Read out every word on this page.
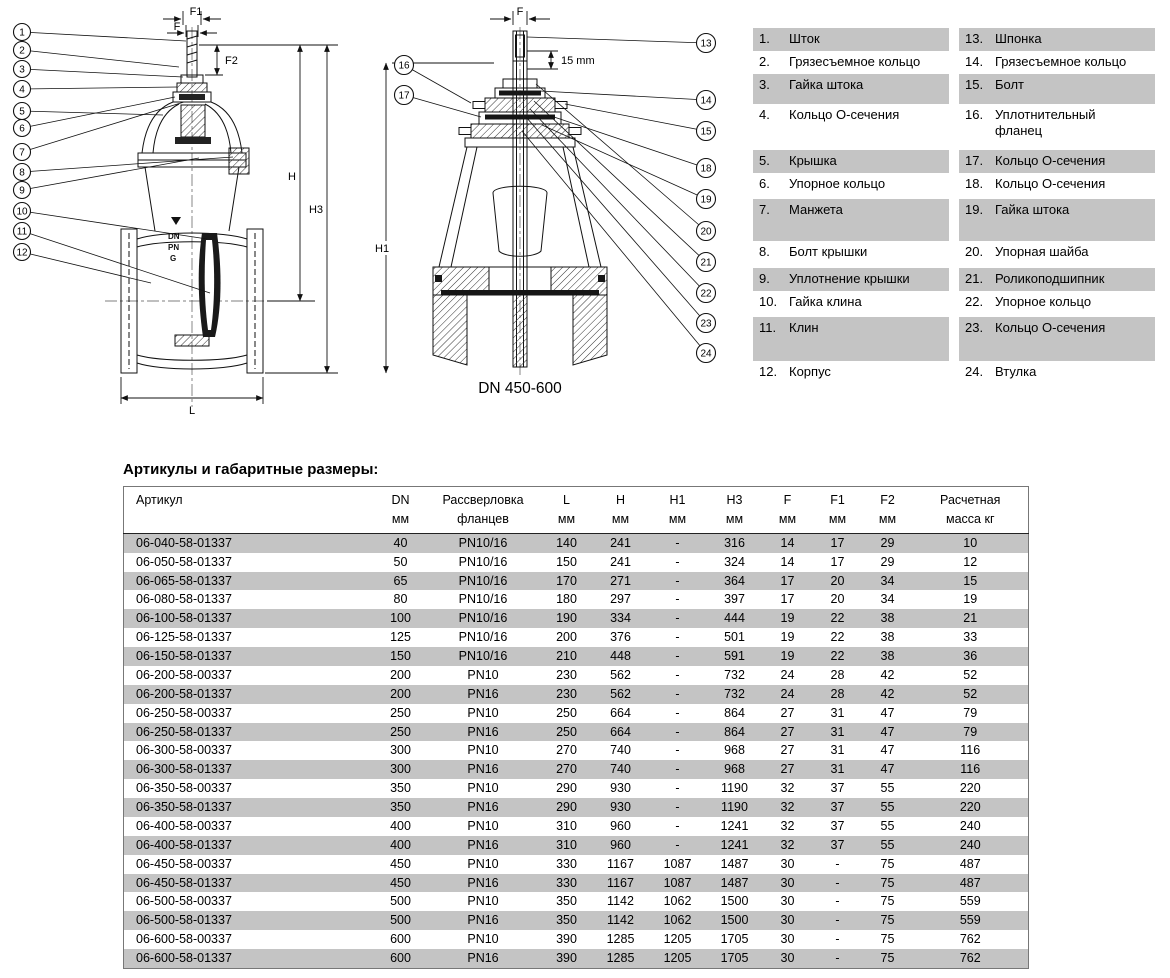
DN
PN
G
F1
F
F2
H
H3
L
1
2
3
4
5
6
7
8
9
10
11
12
F
15 mm
H1
DN 450-600
13
16
17	14
15
18
19
20
21
22
23
24
1.	Шток	13. Шпонка
2.	Грязесъемное кольцо	14. Грязесъемное кольцо
3.	Гайка штока	15. Болт
4.	Кольцо О-сечения	16. Уплотнительный фланец
5.	Крышка	17. Кольцо О-сечения
6.	Упорное кольцо	18. Кольцо О-сечения
7.	Манжета	19. Гайка штока
8.	Болт крышки	20. Упорная шайба
9.	Уплотнение крышки	21. Роликоподшипник
10. Гайка клина	22. Упорное кольцо
11. Клин	23. Кольцо О-сечения
12. Корпус	24. Втулка
Артикулы и габаритные размеры:
Артикул	DN	Рассверловка	L	H	H1	H3	F	F1	F2	Расчетная
	мм	фланцев	мм	мм	мм	мм	мм	мм	мм	масса кг
06-040-58-01337	40	PN10/16	140	241	-	316	14	17	29	10
06-050-58-01337	50	PN10/16	150	241	-	324	14	17	29	12
06-065-58-01337	65	PN10/16	170	271	-	364	17	20	34	15
06-080-58-01337	80	PN10/16	180	297	-	397	17	20	34	19
06-100-58-01337	100	PN10/16	190	334	-	444	19	22	38	21
06-125-58-01337	125	PN10/16	200	376	-	501	19	22	38	33
06-150-58-01337	150	PN10/16	210	448	-	591	19	22	38	36
06-200-58-00337	200	PN10	230	562	-	732	24	28	42	52
06-200-58-01337	200	PN16	230	562	-	732	24	28	42	52
06-250-58-00337	250	PN10	250	664	-	864	27	31	47	79
06-250-58-01337	250	PN16	250	664	-	864	27	31	47	79
06-300-58-00337	300	PN10	270	740	-	968	27	31	47	116
06-300-58-01337	300	PN16	270	740	-	968	27	31	47	116
06-350-58-00337	350	PN10	290	930	-	1190	32	37	55	220
06-350-58-01337	350	PN16	290	930	-	1190	32	37	55	220
06-400-58-00337	400	PN10	310	960	-	1241	32	37	55	240
06-400-58-01337	400	PN16	310	960	-	1241	32	37	55	240
06-450-58-00337	450	PN10	330	1167	1087	1487	30	-	75	487
06-450-58-01337	450	PN16	330	1167	1087	1487	30	-	75	487
06-500-58-00337	500	PN10	350	1142	1062	1500	30	-	75	559
06-500-58-01337	500	PN16	350	1142	1062	1500	30	-	75	559
06-600-58-00337	600	PN10	390	1285	1205	1705	30	-	75	762
06-600-58-01337	600	PN16	390	1285	1205	1705	30	-	75	762
